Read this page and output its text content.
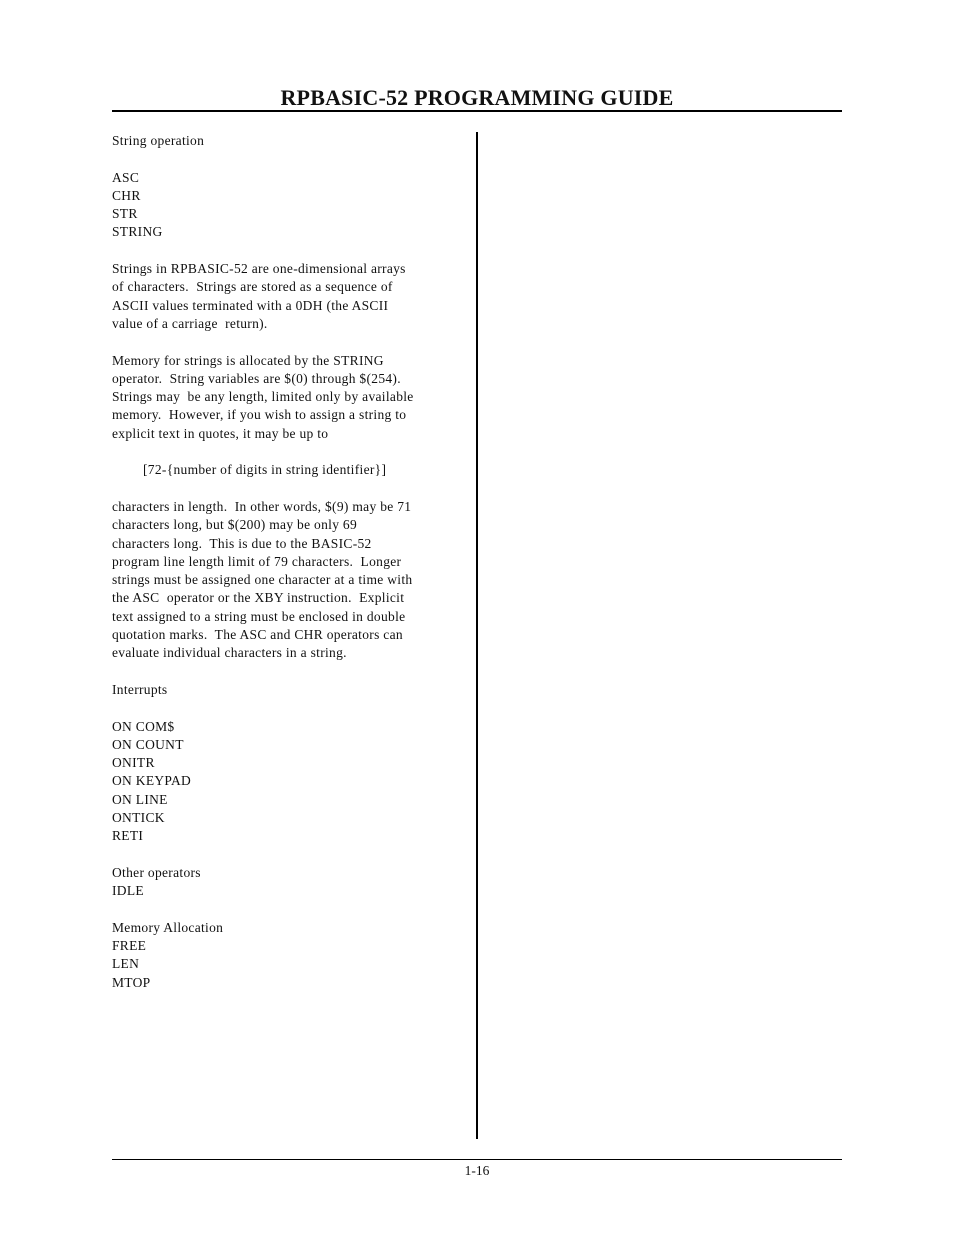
RPBASIC-52 PROGRAMMING GUIDE
String operation
ASC
CHR
STR
STRING
Strings in RPBASIC-52 are one-dimensional arrays
of characters.  Strings are stored as a sequence of
ASCII values terminated with a 0DH (the ASCII
value of a carriage  return).
Memory for strings is allocated by the STRING
operator.  String variables are $(0) through $(254).
Strings may  be any length, limited only by available
memory.  However, if you wish to assign a string to
explicit text in quotes, it may be up to
[72-{number of digits in string identifier}]
characters in length.  In other words, $(9) may be 71
characters long, but $(200) may be only 69
characters long.  This is due to the BASIC-52
program line length limit of 79 characters.  Longer
strings must be assigned one character at a time with
the ASC  operator or the XBY instruction.  Explicit
text assigned to a string must be enclosed in double
quotation marks.  The ASC and CHR operators can
evaluate individual characters in a string.
Interrupts
ON COM$
ON COUNT
ONITR
ON KEYPAD
ON LINE
ONTICK
RETI
Other operators
IDLE
Memory Allocation
FREE
LEN
MTOP
1-16
